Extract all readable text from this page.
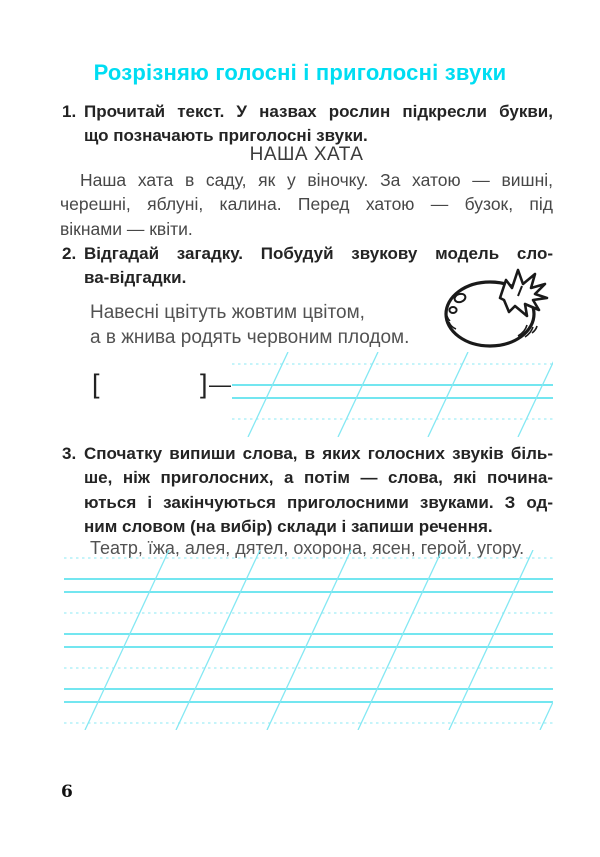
Розрізняю голосні і приголосні звуки
1. Прочитай текст. У назвах рослин підкресли букви,
що позначають приголосні звуки.
НАША ХАТА
Наша хата в саду, як у віночку. За хатою — вишні,
черешні, яблуні, калина. Перед хатою — бузок, під
вікнами — квіти.
2. Відгадай загадку. Побудуй звукову модель сло-
ва-відгадки.
Навесні цвітуть жовтим цвітом,
а в жнива родять червоним плодом.
[	] —
3. Спочатку випиши слова, в яких голосних звуків біль-
ше, ніж приголосних, а потім — слова, які почина-
ються і закінчуються приголосними звуками. З од-
ним словом (на вибір) склади і запиши речення.
Театр, їжа, алея, дятел, охорона, ясен, герой, угору.
6
